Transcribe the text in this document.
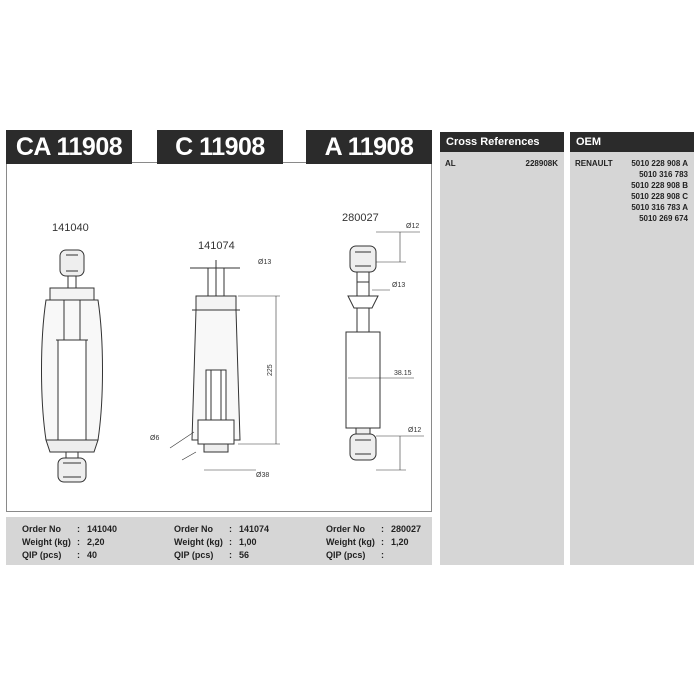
CA 11908	C 11908	A 11908
141040
141074
280027
Ø13
225
Ø6
Ø38
Ø12
Ø13
38.15
Ø12
Order No : 141040
Weight (kg) : 2,20
QIP (pcs) : 40
Order No : 141074
Weight (kg) : 1,00
QIP (pcs) : 56
Order No : 280027
Weight (kg) : 1,20
QIP (pcs) :
Cross References
AL	228908K
OEM
RENAULT 5010 228 908 A
5010 316 783
5010 228 908 B
5010 228 908 C
5010 316 783 A
5010 269 674
